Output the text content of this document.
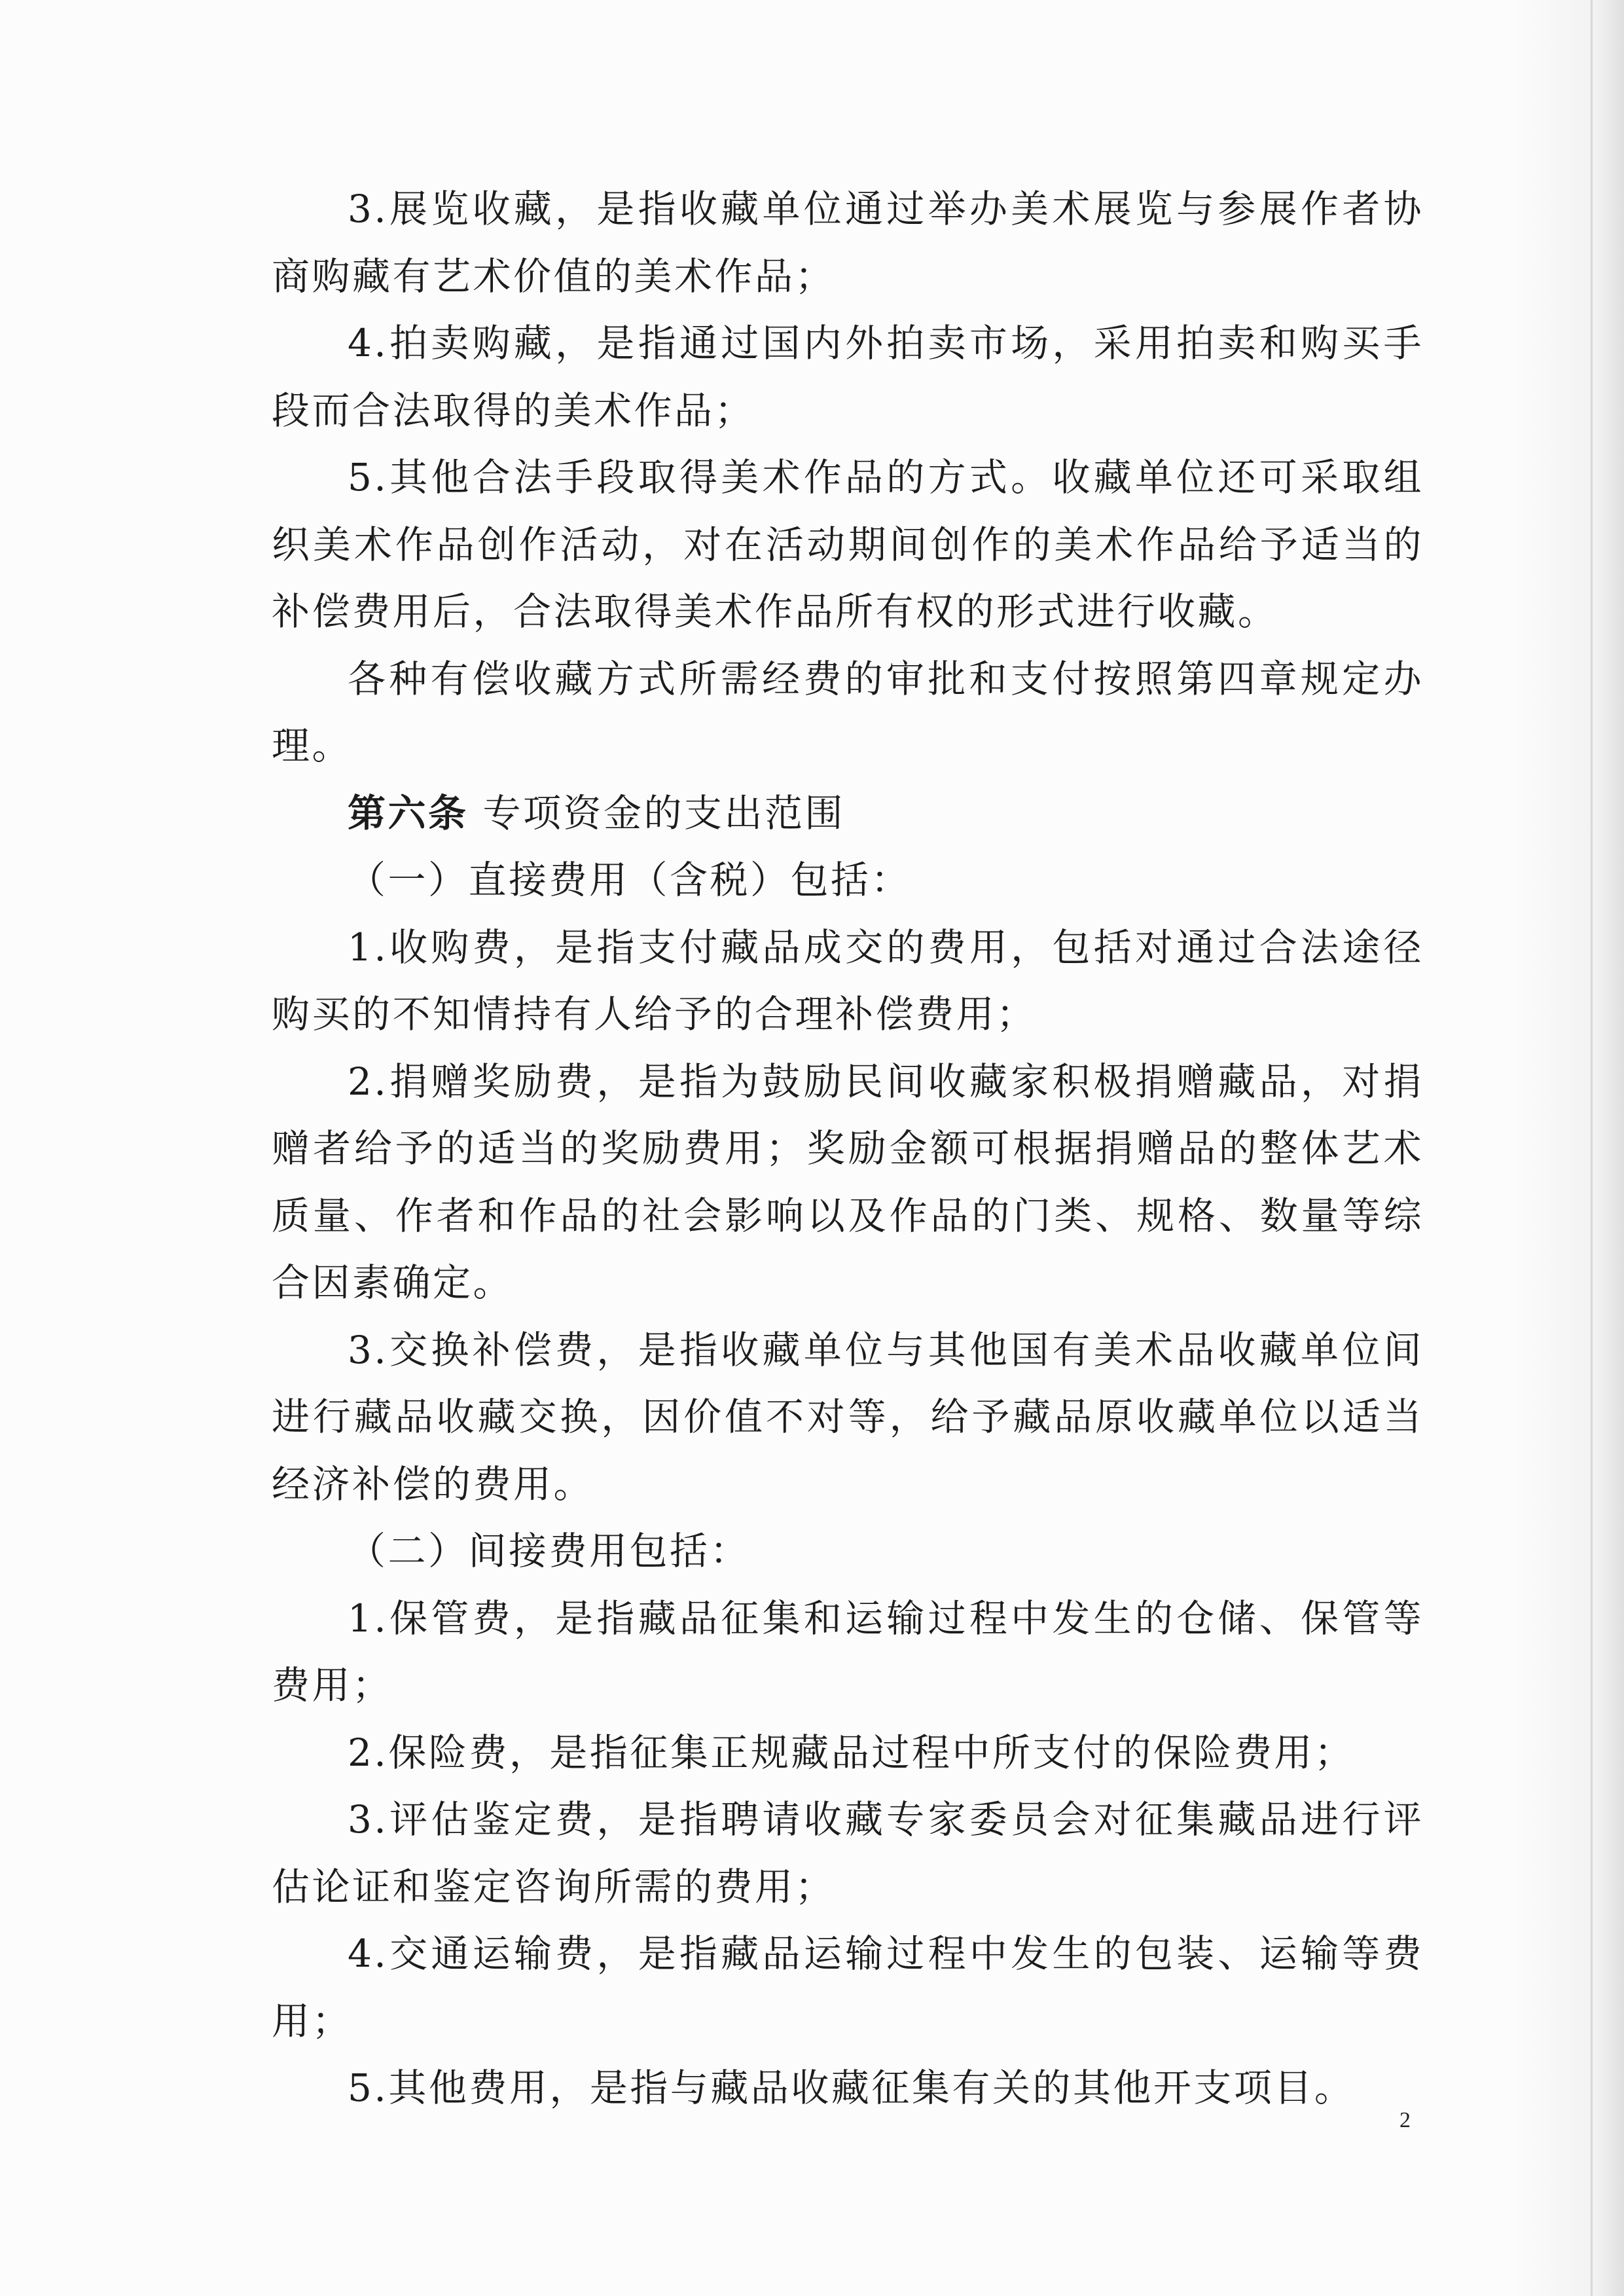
3.展览收藏，是指收藏单位通过举办美术展览与参展作者协商购藏有艺术价值的美术作品；

4.拍卖购藏，是指通过国内外拍卖市场，采用拍卖和购买手段而合法取得的美术作品；

5.其他合法手段取得美术作品的方式。收藏单位还可采取组织美术作品创作活动，对在活动期间创作的美术作品给予适当的补偿费用后，合法取得美术作品所有权的形式进行收藏。

各种有偿收藏方式所需经费的审批和支付按照第四章规定办理。

第六条 专项资金的支出范围

（一）直接费用（含税）包括：

1.收购费，是指支付藏品成交的费用，包括对通过合法途径购买的不知情持有人给予的合理补偿费用；

2.捐赠奖励费，是指为鼓励民间收藏家积极捐赠藏品，对捐赠者给予的适当的奖励费用；奖励金额可根据捐赠品的整体艺术质量、作者和作品的社会影响以及作品的门类、规格、数量等综合因素确定。

3.交换补偿费，是指收藏单位与其他国有美术品收藏单位间进行藏品收藏交换，因价值不对等，给予藏品原收藏单位以适当经济补偿的费用。

（二）间接费用包括：

1.保管费，是指藏品征集和运输过程中发生的仓储、保管等费用；

2.保险费，是指征集正规藏品过程中所支付的保险费用；

3.评估鉴定费，是指聘请收藏专家委员会对征集藏品进行评估论证和鉴定咨询所需的费用；

4.交通运输费，是指藏品运输过程中发生的包装、运输等费用；

5.其他费用，是指与藏品收藏征集有关的其他开支项目。

2
